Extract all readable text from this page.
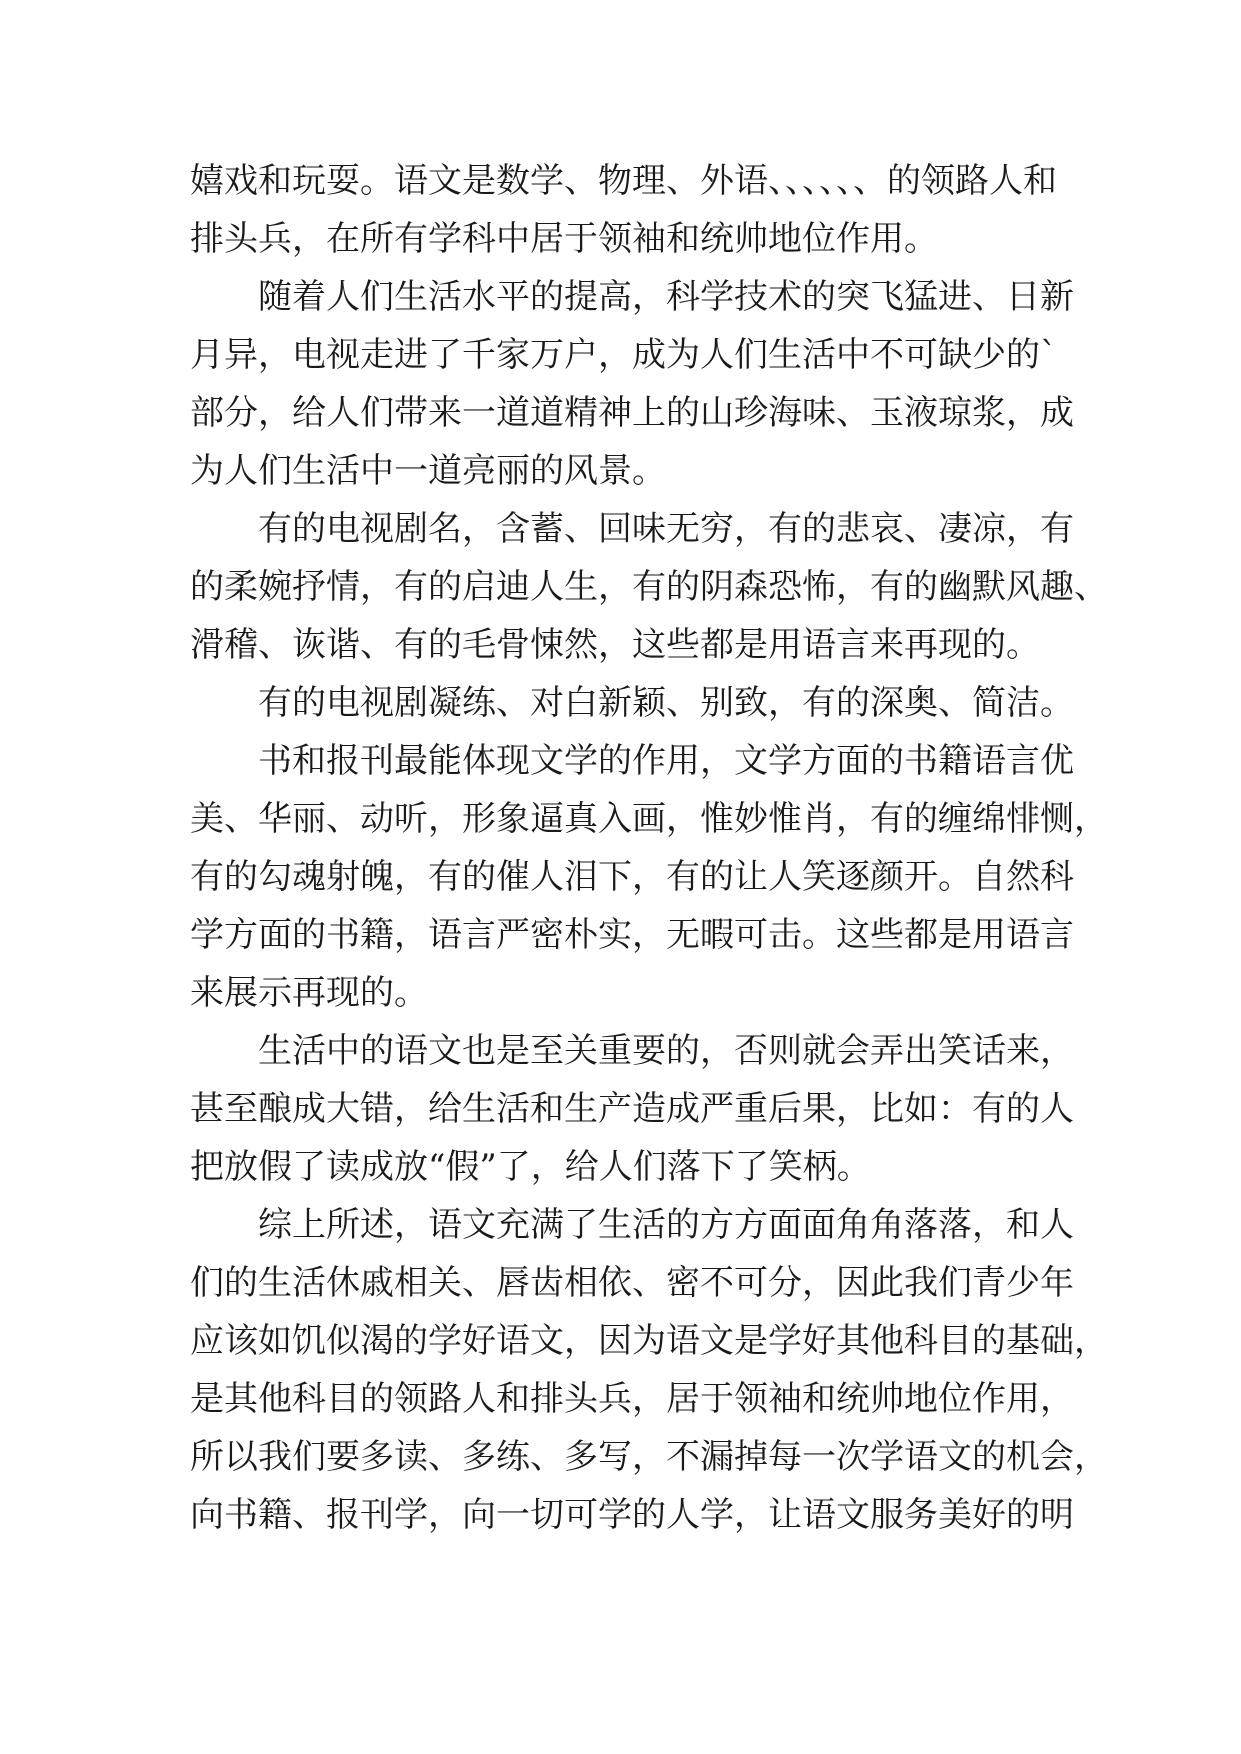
嬉戏和玩耍。语文是数学、物理、外语、、、、、、的领路人和
排头兵，在所有学科中居于领袖和统帅地位作用。
随着人们生活水平的提高，科学技术的突飞猛进、日新
月异，电视走进了千家万户，成为人们生活中不可缺少的`
部分，给人们带来一道道精神上的山珍海味、玉液琼浆，成
为人们生活中一道亮丽的风景。
有的电视剧名，含蓄、回味无穷，有的悲哀、凄凉，有
的柔婉抒情，有的启迪人生，有的阴森恐怖，有的幽默风趣、
滑稽、诙谐、有的毛骨悚然，这些都是用语言来再现的。
有的电视剧凝练、对白新颖、别致，有的深奥、简洁。
书和报刊最能体现文学的作用，文学方面的书籍语言优
美、华丽、动听，形象逼真入画，惟妙惟肖，有的缠绵悱恻，
有的勾魂射魄，有的催人泪下，有的让人笑逐颜开。自然科
学方面的书籍，语言严密朴实，无暇可击。这些都是用语言
来展示再现的。
生活中的语文也是至关重要的，否则就会弄出笑话来，
甚至酿成大错，给生活和生产造成严重后果，比如：有的人
把放假了读成放“假”了，给人们落下了笑柄。
综上所述，语文充满了生活的方方面面角角落落，和人
们的生活休戚相关、唇齿相依、密不可分，因此我们青少年
应该如饥似渴的学好语文，因为语文是学好其他科目的基础，
是其他科目的领路人和排头兵，居于领袖和统帅地位作用，
所以我们要多读、多练、多写，不漏掉每一次学语文的机会，
向书籍、报刊学，向一切可学的人学，让语文服务美好的明
